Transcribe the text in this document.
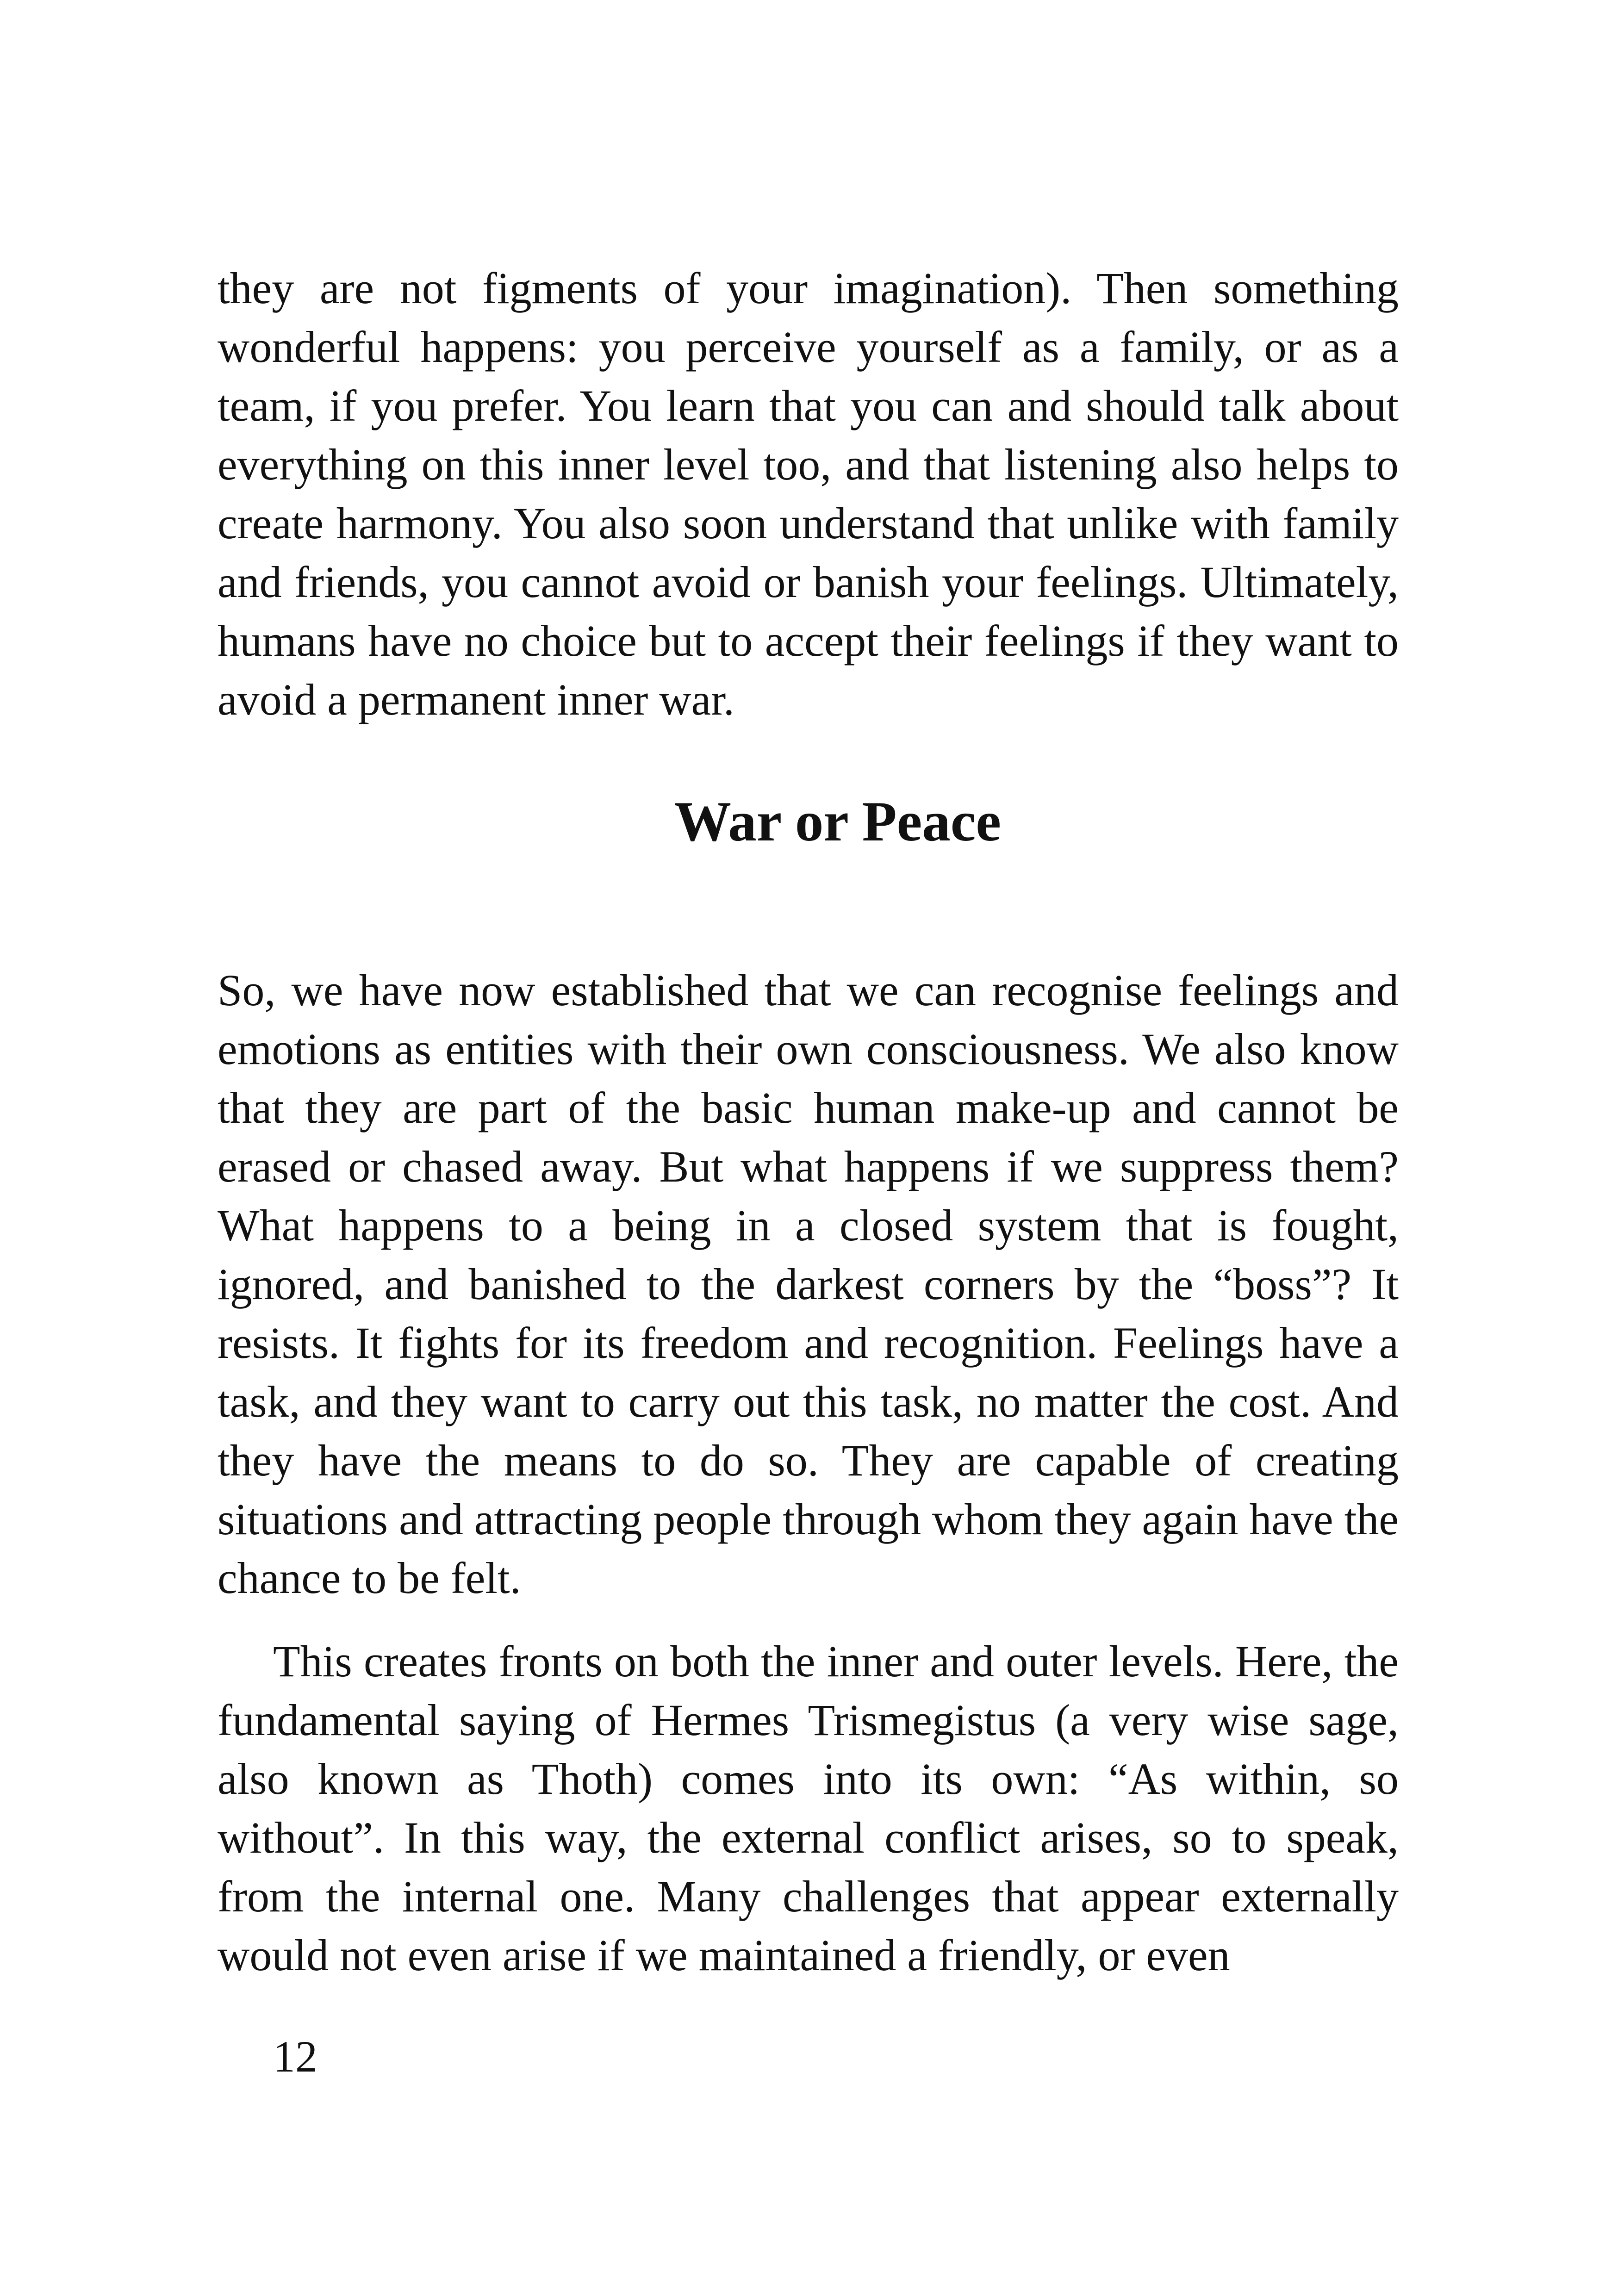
they are not figments of your imagination). Then something wonderful happens: you perceive yourself as a family, or as a team, if you prefer. You learn that you can and should talk about everything on this inner level too, and that listening also helps to create harmony. You also soon understand that unlike with family and friends, you cannot avoid or banish your feelings. Ultimately, humans have no choice but to accept their feelings if they want to avoid a permanent inner war.

War or Peace

So, we have now established that we can recognise feelings and emotions as entities with their own consciousness. We also know that they are part of the basic human make-up and cannot be erased or chased away. But what happens if we suppress them? What happens to a being in a closed system that is fought, ignored, and banished to the darkest corners by the “boss”? It resists. It fights for its freedom and recognition. Feelings have a task, and they want to carry out this task, no matter the cost. And they have the means to do so. They are capable of creating situations and attracting people through whom they again have the chance to be felt.

This creates fronts on both the inner and outer levels. Here, the fundamental saying of Hermes Trismegistus (a very wise sage, also known as Thoth) comes into its own: “As within, so without”. In this way, the external conflict arises, so to speak, from the internal one. Many challenges that appear externally would not even arise if we maintained a friendly, or even

12
